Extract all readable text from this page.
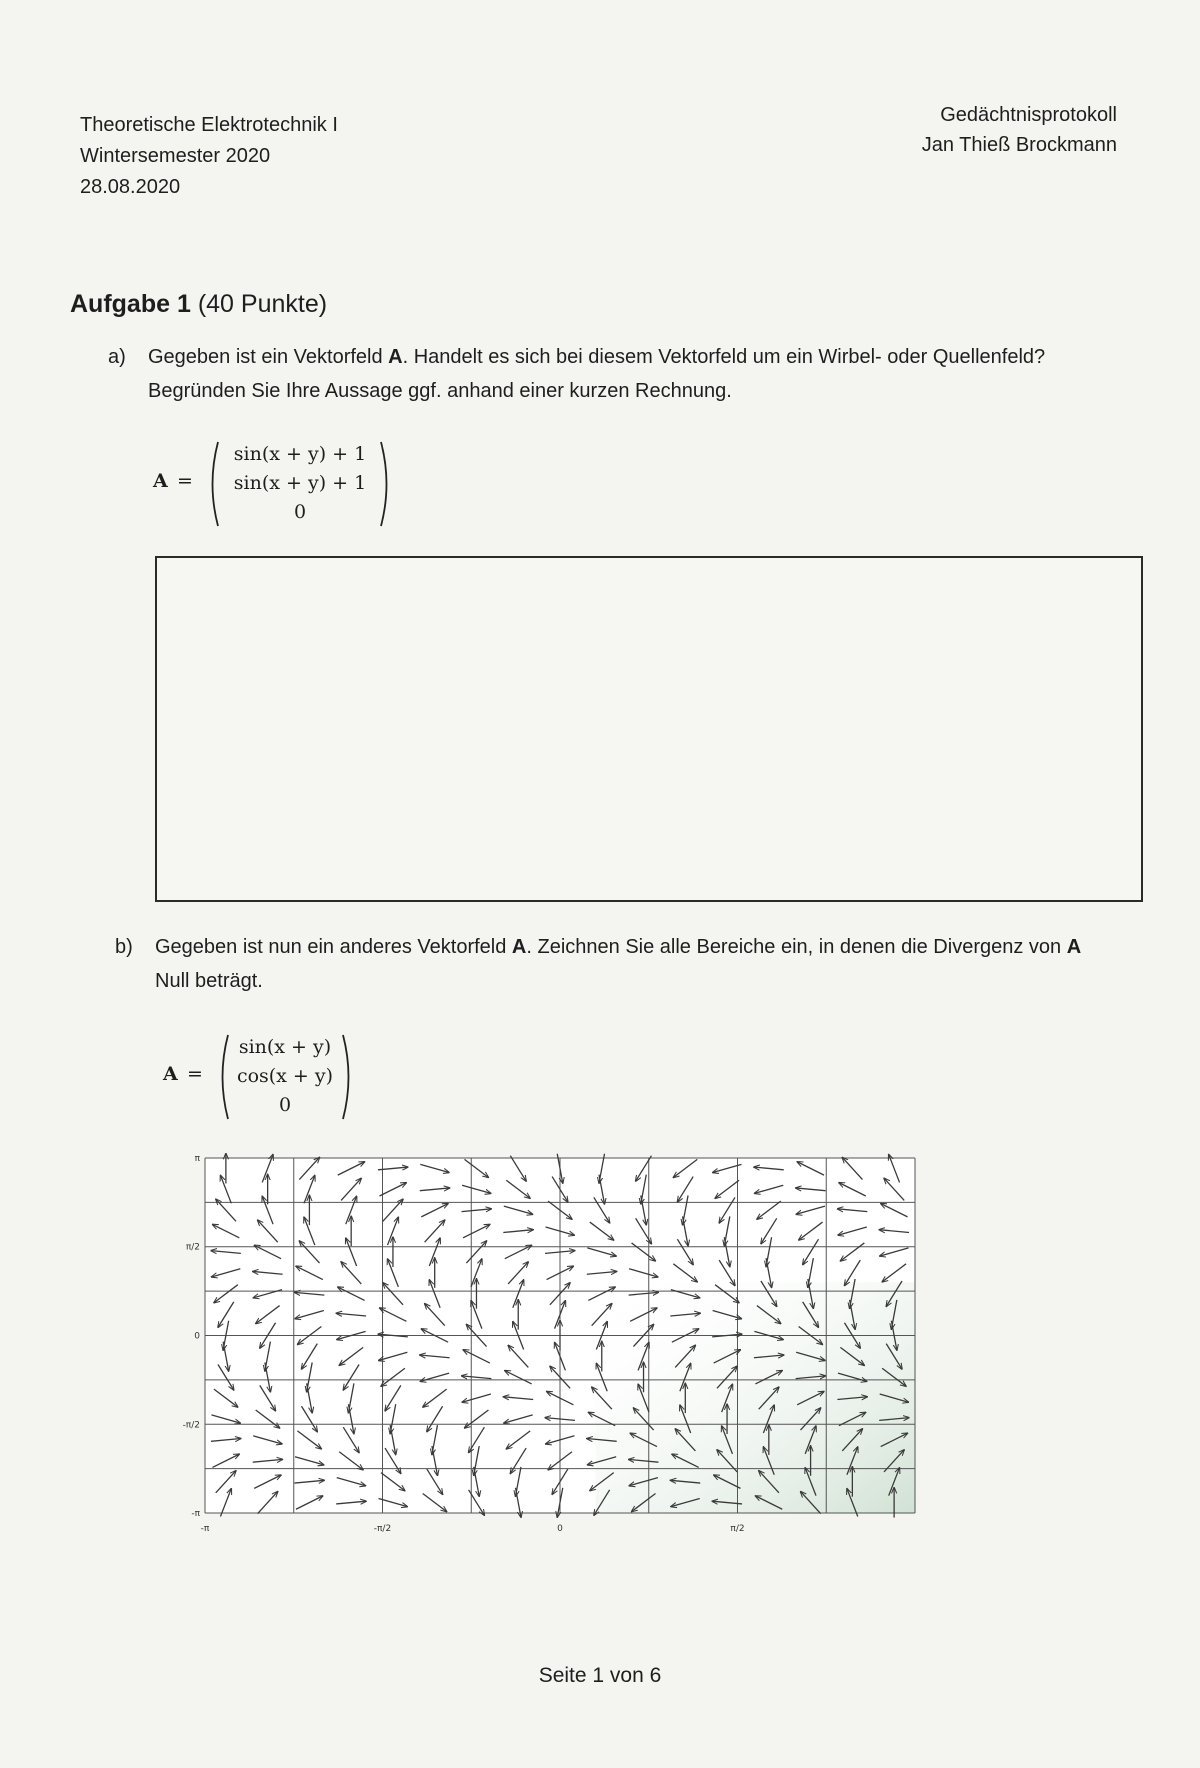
Theoretische Elektrotechnik I
Wintersemester 2020
28.08.2020
Gedächtnisprotokoll
Jan Thieß Brockmann
Aufgabe 1 (40 Punkte)
a) Gegeben ist ein Vektorfeld A. Handelt es sich bei diesem Vektorfeld um ein Wirbel- oder Quellenfeld? Begründen Sie Ihre Aussage ggf. anhand einer kurzen Rechnung.
A =
sin(x + y) + 1
sin(x + y) + 1
0
b) Gegeben ist nun ein anderes Vektorfeld A. Zeichnen Sie alle Bereiche ein, in denen die Divergenz von A Null beträgt.
A =
sin(x + y)
cos(x + y)
0
-π	-π/2	0	π/2
π
π/2
0
-π/2
-π
Seite 1 von 6
